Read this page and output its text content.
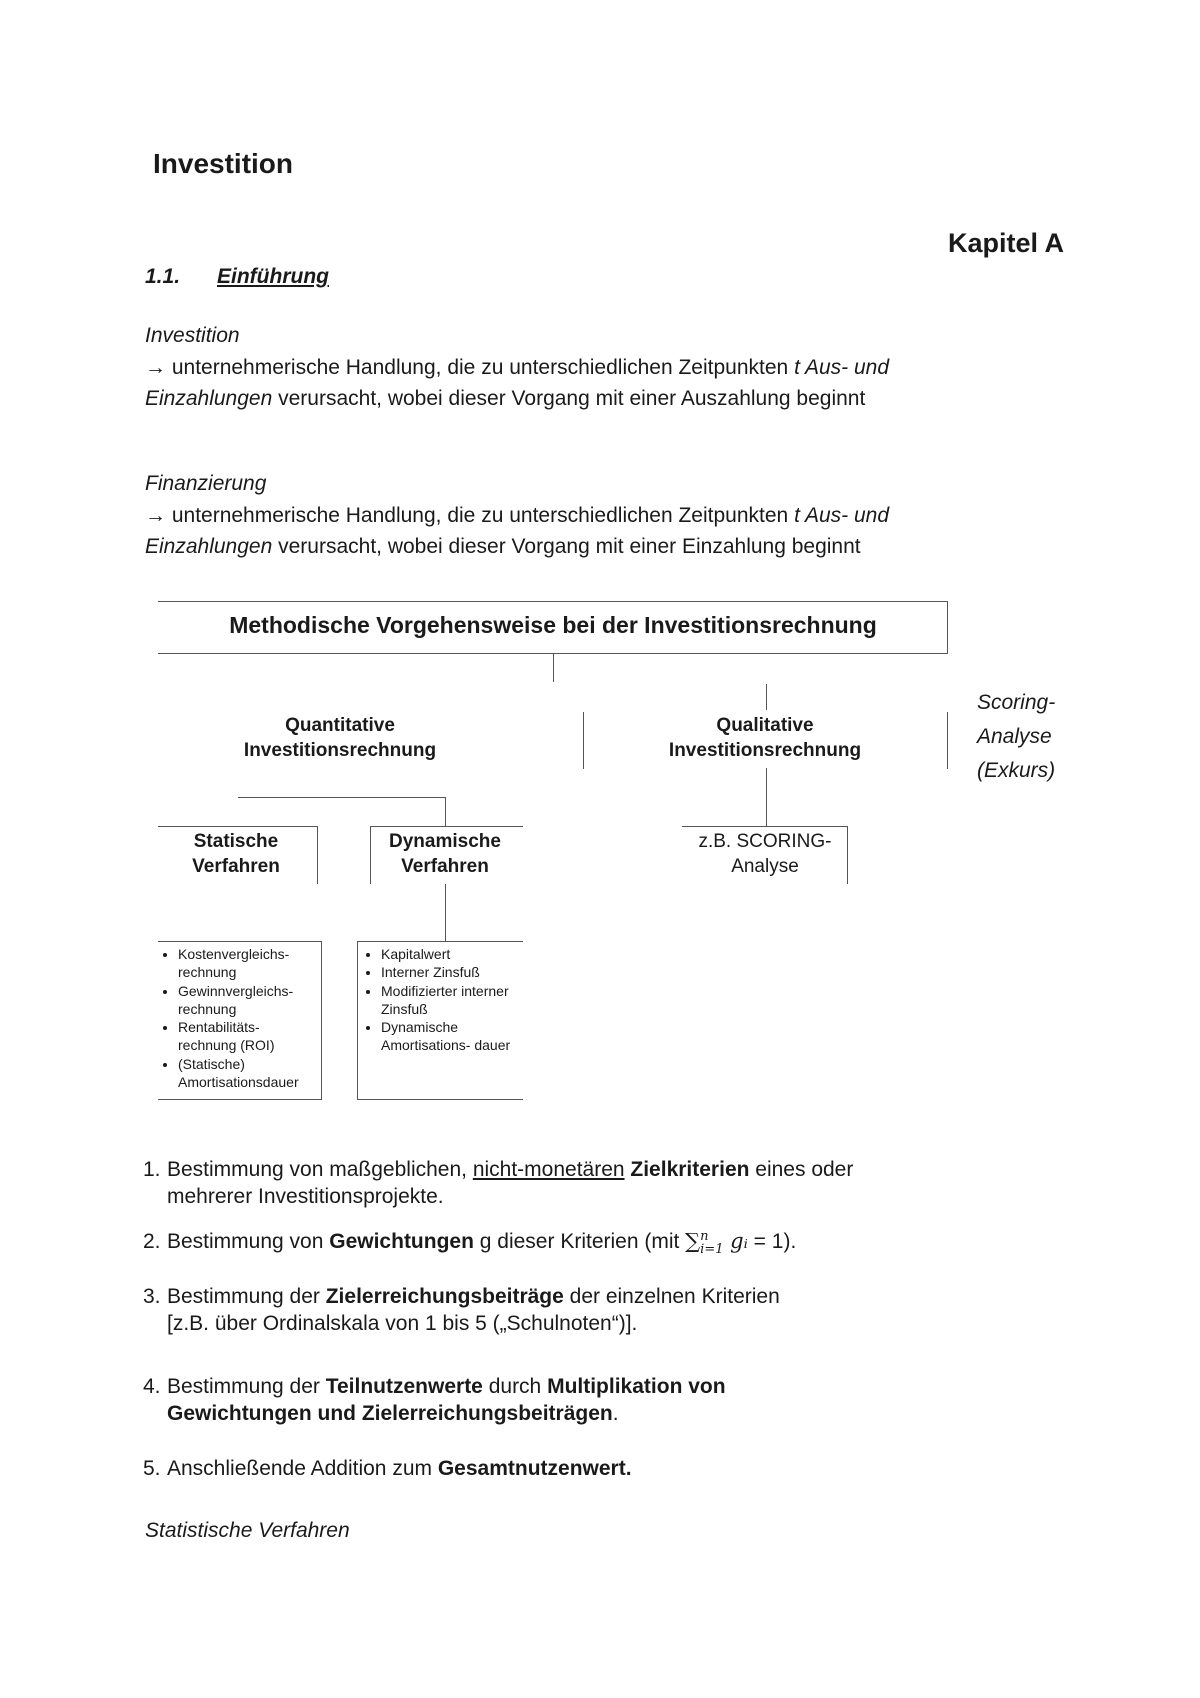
Investition
Kapitel A
1.1. Einführung
Investition
→ unternehmerische Handlung, die zu unterschiedlichen Zeitpunkten t Aus- und
Einzahlungen verursacht, wobei dieser Vorgang mit einer Auszahlung beginnt
Finanzierung
→ unternehmerische Handlung, die zu unterschiedlichen Zeitpunkten t Aus- und
Einzahlungen verursacht, wobei dieser Vorgang mit einer Einzahlung beginnt
Methodische Vorgehensweise bei der Investitionsrechnung
Quantitative Investitionsrechnung
Qualitative Investitionsrechnung
Statische Verfahren
Dynamische Verfahren
z.B. SCORING- Analyse
• Kostenvergleichs- rechnung
• Gewinnvergleichs- rechnung
• Rentabilitäts- rechnung (ROI)
• (Statische) Amortisationsdauer
• Kapitalwert
• Interner Zinsfuß
• Modifizierter interner Zinsfuß
• Dynamische Amortisations- dauer
Scoring-
Analyse
(Exkurs)
1. Bestimmung von maßgeblichen, nicht-monetären Zielkriterien eines oder
mehrerer Investitionsprojekte.
2. Bestimmung von Gewichtungen g dieser Kriterien (mit ∑ n
i=1 gᵢ = 1).
3. Bestimmung der Zielerreichungsbeiträge der einzelnen Kriterien
[z.B. über Ordinalskala von 1 bis 5 („Schulnoten“)].
4. Bestimmung der Teilnutzenwerte durch Multiplikation von
Gewichtungen und Zielerreichungsbeiträgen.
5. Anschließende Addition zum Gesamtnutzenwert.
Statistische Verfahren
